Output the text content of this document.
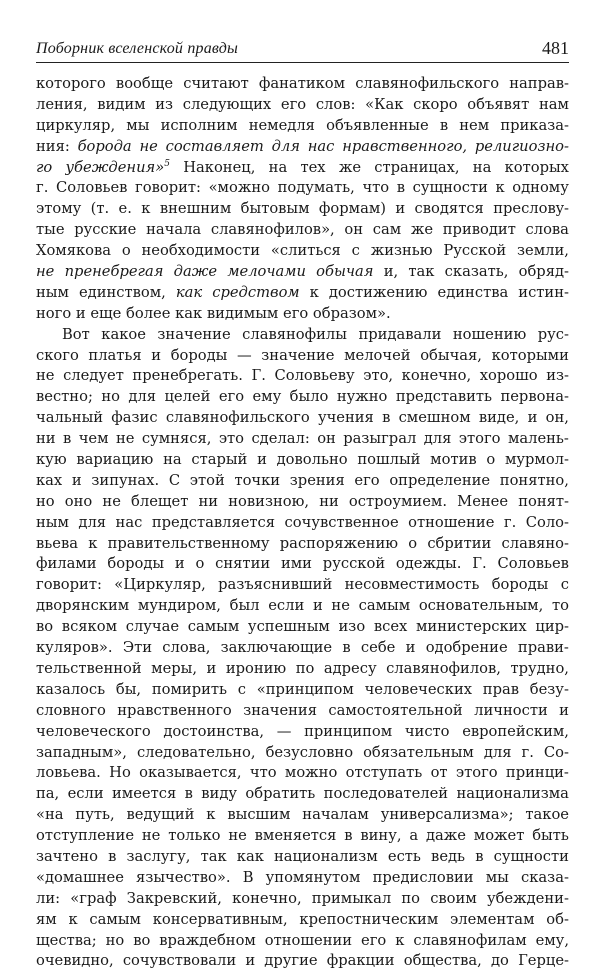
Поборник вселенской правды	481
которого вообще считают фанатиком славянофильского направ-
ления, видим из следующих его слов: «Как скоро объявят нам
циркуляр, мы исполним немедля объявленные в нем приказа-
ния: борода не составляет для нас нравственного, религиозно-
го убеждения»$^5$ Наконец, на тех же страницах, на которых
г. Соловьев говорит: «можно подумать, что в сущности к одному
этому (т. е. к внешним бытовым формам) и сводятся пресловy-
тые русские начала славянофилов», он сам же приводит слова
Хомякова о необходимости «слиться с жизнью Русской земли,
не пренебрегая даже мелочами обычая и, так сказать, обряд-
ным единством, как средством к достижению единства истин-
ного
и
еще
более
как
видимым
его
образом».
Вот какое значение славянофилы придавали ношению рус-
ского платья и бороды — значение мелочей обычая, которыми
не следует пренебрегать. Г. Соловьеву это, конечно, хорошо из-
вестно; но для целей его ему было нужно представить первона-
чальный фазис славянофильского учения в смешном виде, и он,
ни в чем не сумняся, это сделал: он разыграл для этого малень-
кую вариацию на старый и довольно пошлый мотив о мурмол-
ках и зипунах. С этой точки зрения его определение понятно,
но оно не блещет ни новизною, ни остроумием. Менее понят-
ным для нас представляется сочувственное отношение г. Соло-
вьева к правительственному распоряжению о сбритии славяно-
филами бороды и о снятии ими русской одежды. Г. Соловьев
говорит: «Циркуляр, разъяснивший несовместимость бороды с
дворянским мундиром, был если и не самым основательным, то
во всяком случае самым успешным изо всех министерских цир-
куляров». Эти слова, заключающие в себе и одобрение прави-
тельственной меры, и иронию по адресу славянофилов, трудно,
казалось бы, помирить с «принципом человеческих прав безу-
словного нравственного значения самостоятельной личности и
человеческого достоинства, — принципом чисто европейским,
западным», следовательно, безусловно обязательным для г. Со-
ловьева. Но оказывается, что можно отступать от этого принци-
па, если имеется в виду обратить последователей национализма
«на путь, ведущий к высшим началам универсализма»; такое
отступление не только не вменяется в вину, а даже может быть
зачтено в заслугу, так как национализм есть ведь в сущности
«домашнее язычество». В упомянутом предисловии мы сказа-
ли: «граф Закревский, конечно, примыкал по своим убеждени-
ям к самым консервативным, крепостническим элементам об-
щества; но во враждебном отношении его к славянофилам ему,
очевидно, сочувствовали и другие фракции общества, до Герце-
